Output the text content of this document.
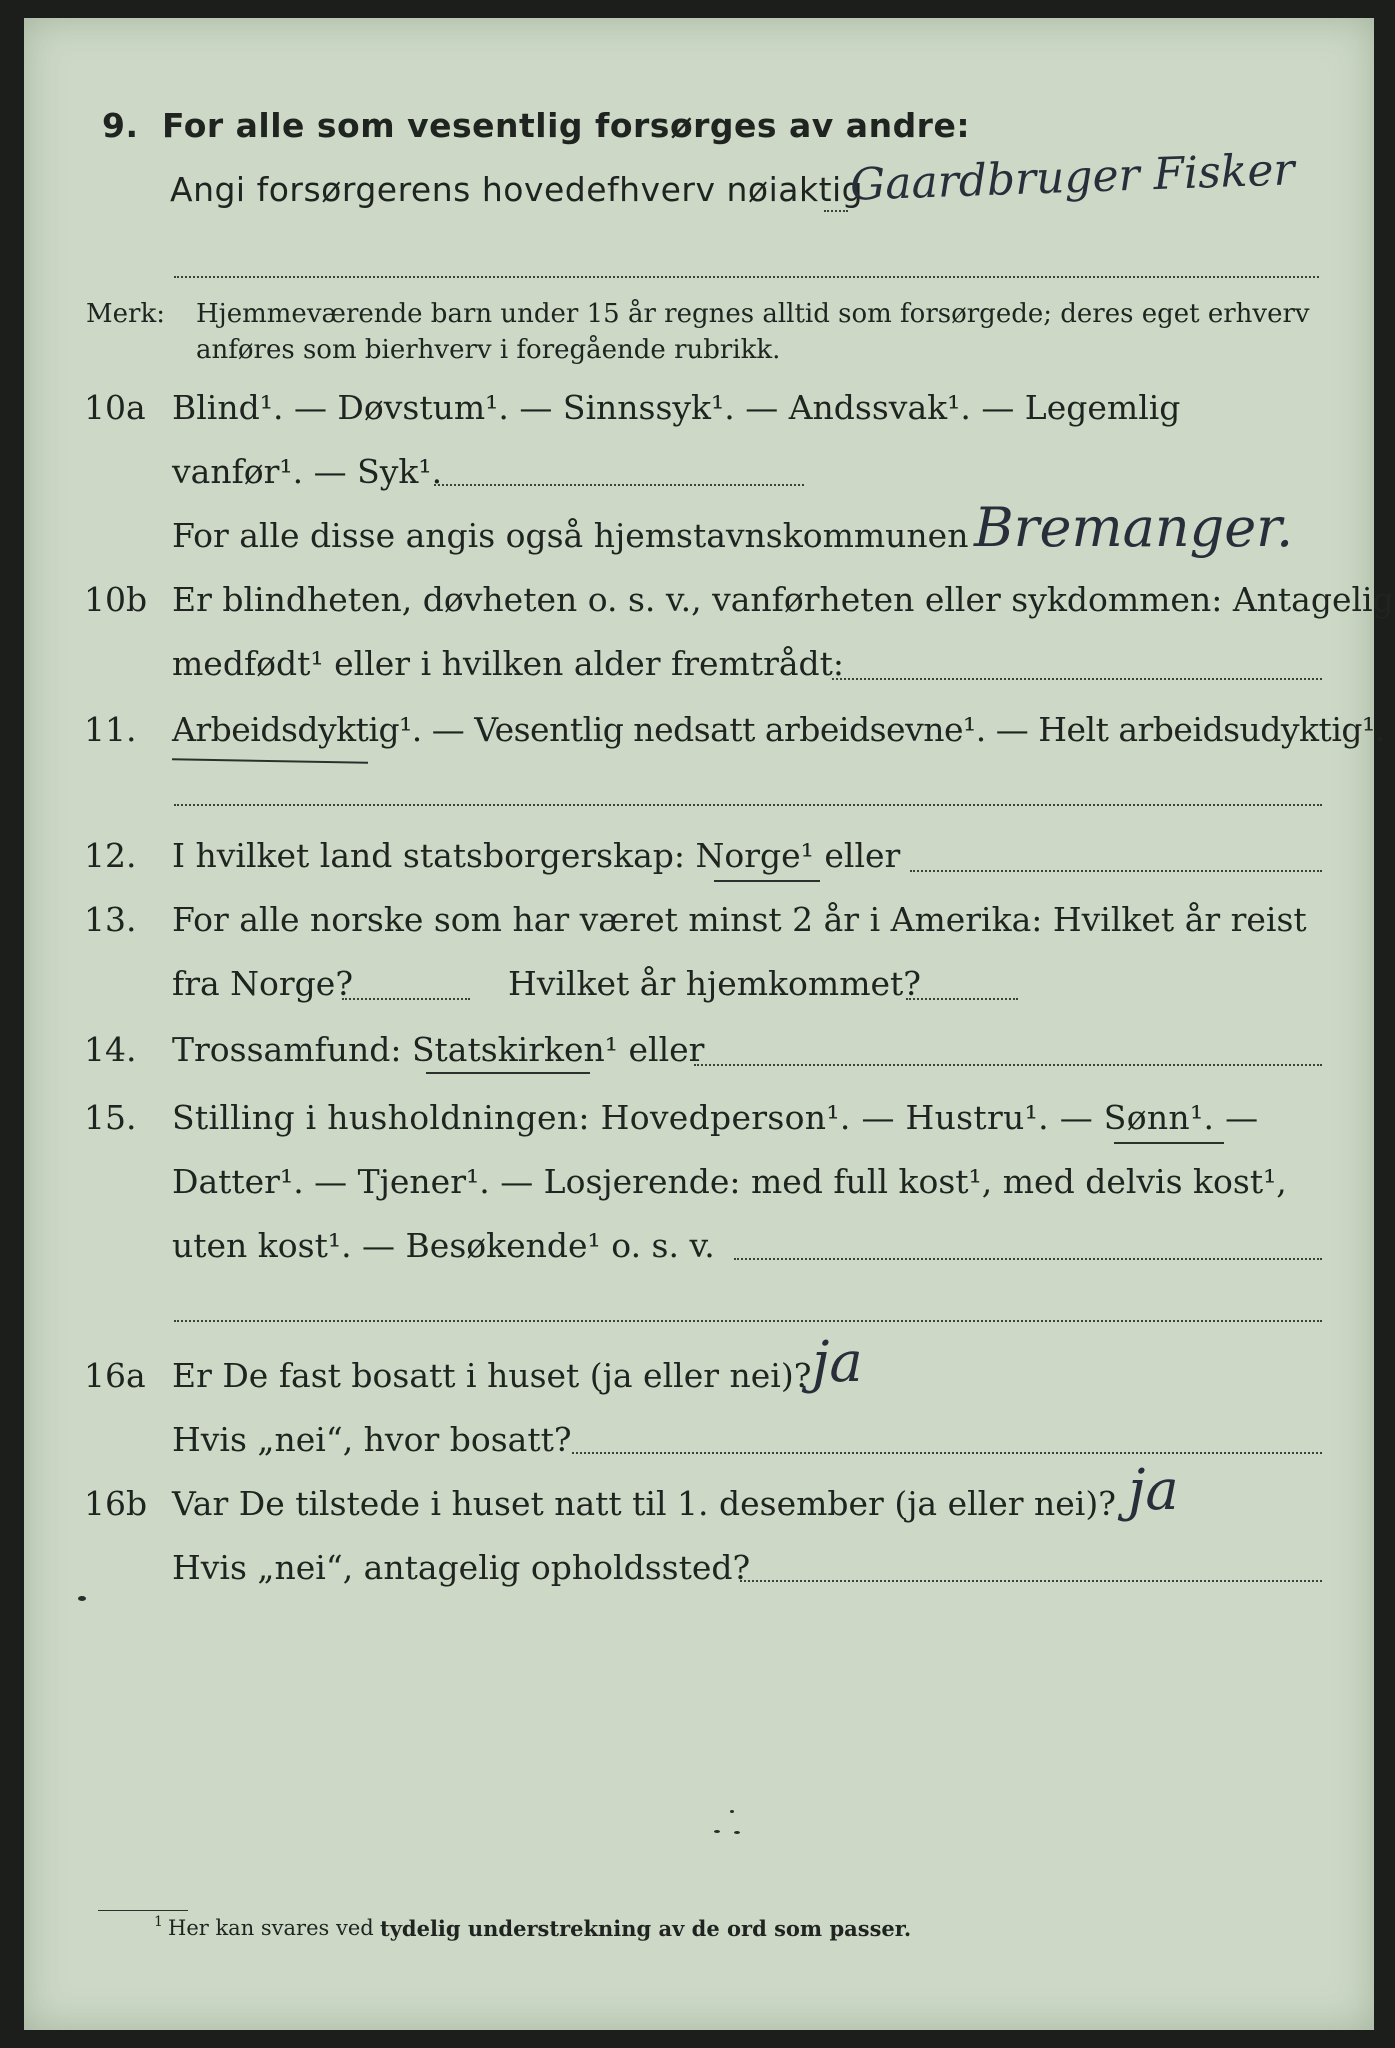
9. For alle som vesentlig forsørges av andre:
Angi forsørgerens hovedefhverv nøiaktig
Gaardbruger Fisker
Merk: Hjemmeværende barn under 15 år regnes alltid som forsørgede; deres eget erhverv
anføres som bierhverv i foregående rubrikk.
10a Blind¹. — Døvstum¹. — Sinnssyk¹. — Andssvak¹. — Legemlig
vanfør¹. — Syk¹.
For alle disse angis også hjemstavnskommunen Bremanger.
10b Er blindheten, døvheten o. s. v., vanførheten eller sykdommen: Antagelig
medfødt¹ eller i hvilken alder fremtrådt:
11. Arbeidsdyktig¹. — Vesentlig nedsatt arbeidsevne¹. — Helt arbeidsudyktig¹.
12. I hvilket land statsborgerskap: Norge¹ eller
13. For alle norske som har været minst 2 år i Amerika: Hvilket år reist
fra Norge?	Hvilket år hjemkommet?
14. Trossamfund: Statskirken¹ eller
15. Stilling i husholdningen: Hovedperson¹. — Hustru¹. — Sønn¹. —
Datter¹. — Tjener¹. — Losjerende: med full kost¹, med delvis kost¹,
uten kost¹. — Besøkende¹ o. s. v.
16a Er De fast bosatt i huset (ja eller nei)? ja
Hvis „nei“, hvor bosatt?
16b Var De tilstede i huset natt til 1. desember (ja eller nei)? ja
Hvis „nei“, antagelig opholdssted?
1 Her kan svares ved tydelig understrekning av de ord som passer.
